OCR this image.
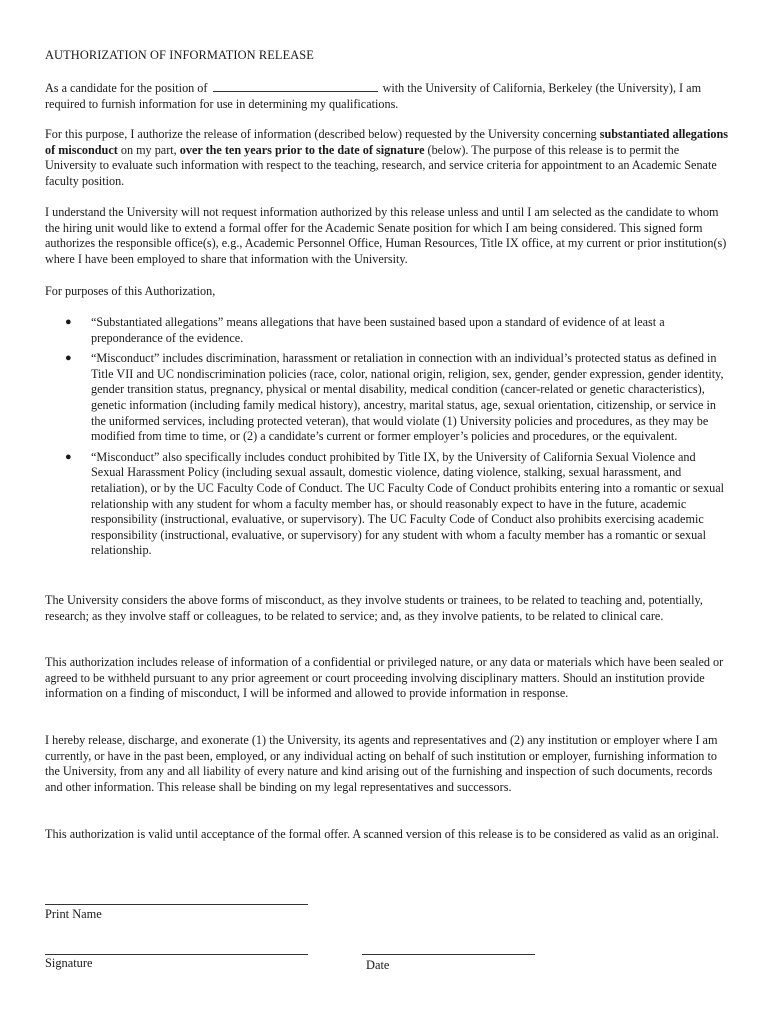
AUTHORIZATION OF INFORMATION RELEASE

As a candidate for the position of	with the University of California, Berkeley (the University), I am required to furnish information for use in determining my qualifications.

For this purpose, I authorize the release of information (described below) requested by the University concerning substantiated allegations of misconduct on my part, over the ten years prior to the date of signature (below). The purpose of this release is to permit the University to evaluate such information with respect to the teaching, research, and service criteria for appointment to an Academic Senate faculty position.

I understand the University will not request information authorized by this release unless and until I am selected as the candidate to whom the hiring unit would like to extend a formal offer for the Academic Senate position for which I am being considered. This signed form authorizes the responsible office(s), e.g., Academic Personnel Office, Human Resources, Title IX office, at my current or prior institution(s) where I have been employed to share that information with the University.

For purposes of this Authorization,

● “Substantiated allegations” means allegations that have been sustained based upon a standard of evidence of at least a preponderance of the evidence.
● “Misconduct” includes discrimination, harassment or retaliation in connection with an individual’s protected status as defined in Title VII and UC nondiscrimination policies (race, color, national origin, religion, sex, gender, gender expression, gender identity, gender transition status, pregnancy, physical or mental disability, medical condition (cancer-related or genetic characteristics), genetic information (including family medical history), ancestry, marital status, age, sexual orientation, citizenship, or service in the uniformed services, including protected veteran), that would violate (1) University policies and procedures, as they may be modified from time to time, or (2) a candidate’s current or former employer’s policies and procedures, or the equivalent.
● “Misconduct” also specifically includes conduct prohibited by Title IX, by the University of California Sexual Violence and Sexual Harassment Policy (including sexual assault, domestic violence, dating violence, stalking, sexual harassment, and retaliation), or by the UC Faculty Code of Conduct. The UC Faculty Code of Conduct prohibits entering into a romantic or sexual relationship with any student for whom a faculty member has, or should reasonably expect to have in the future, academic responsibility (instructional, evaluative, or supervisory). The UC Faculty Code of Conduct also prohibits exercising academic responsibility (instructional, evaluative, or supervisory) for any student with whom a faculty member has a romantic or sexual relationship.

The University considers the above forms of misconduct, as they involve students or trainees, to be related to teaching and, potentially, research; as they involve staff or colleagues, to be related to service; and, as they involve patients, to be related to clinical care.

This authorization includes release of information of a confidential or privileged nature, or any data or materials which have been sealed or agreed to be withheld pursuant to any prior agreement or court proceeding involving disciplinary matters. Should an institution provide information on a finding of misconduct, I will be informed and allowed to provide information in response.

I hereby release, discharge, and exonerate (1) the University, its agents and representatives and (2) any institution or employer where I am currently, or have in the past been, employed, or any individual acting on behalf of such institution or employer, furnishing information to the University, from any and all liability of every nature and kind arising out of the furnishing and inspection of such documents, records and other information. This release shall be binding on my legal representatives and successors.

This authorization is valid until acceptance of the formal offer. A scanned version of this release is to be considered as valid as an original.

Print Name
Signature	Date
